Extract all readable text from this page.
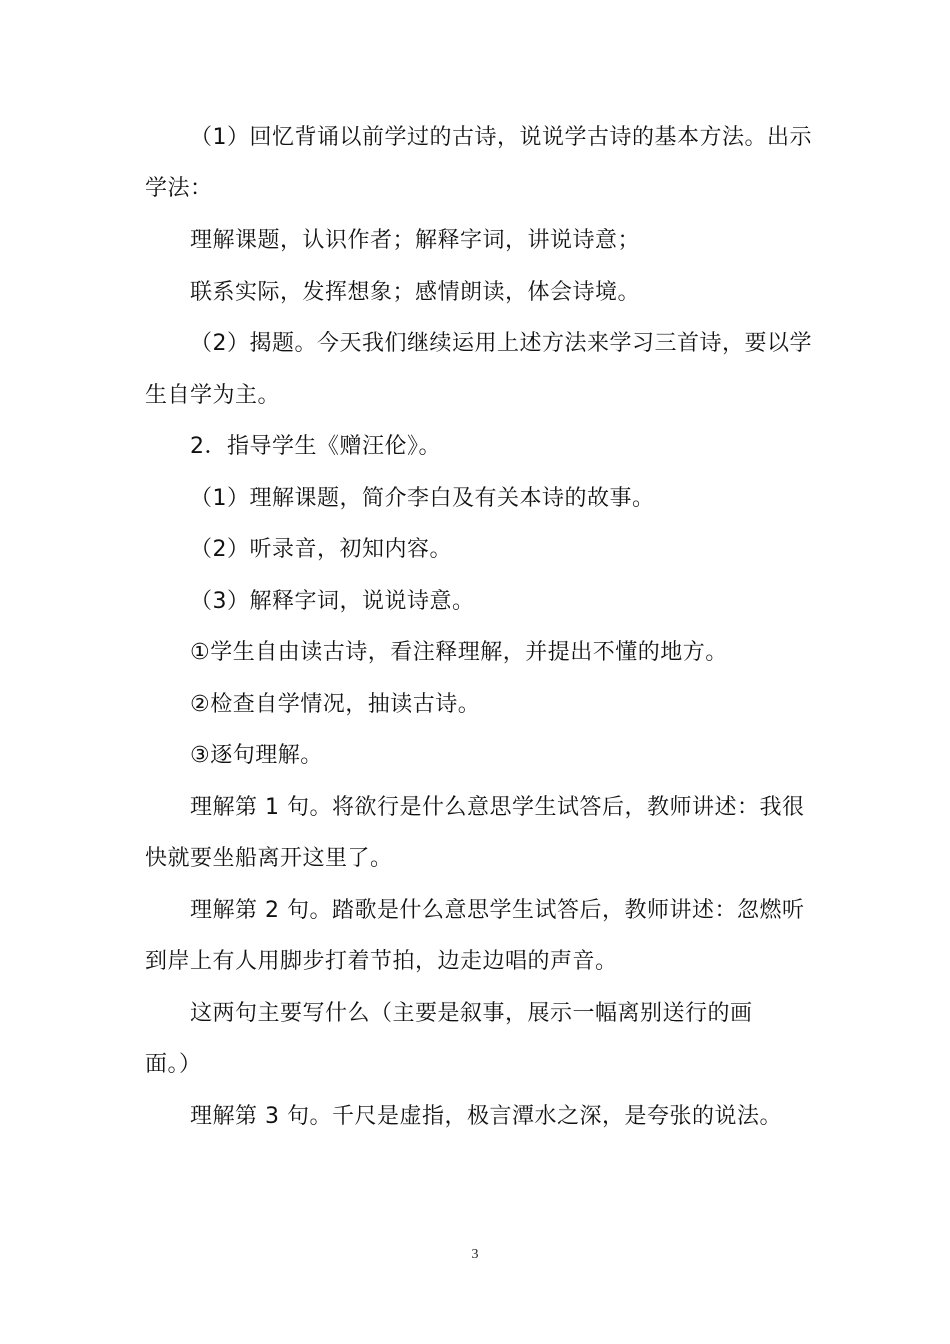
（1）回忆背诵以前学过的古诗，说说学古诗的基本方法。出示
学法：
理解课题，认识作者；解释字词，讲说诗意；
联系实际，发挥想象；感情朗读，体会诗境。
（2）揭题。今天我们继续运用上述方法来学习三首诗，要以学
生自学为主。
2．指导学生《赠汪伦》。
（1）理解课题，简介李白及有关本诗的故事。
（2）听录音，初知内容。
（3）解释字词，说说诗意。
①学生自由读古诗，看注释理解，并提出不懂的地方。
②检查自学情况，抽读古诗。
③逐句理解。
理解第 1 句。将欲行是什么意思学生试答后，教师讲述：我很
快就要坐船离开这里了。
理解第 2 句。踏歌是什么意思学生试答后，教师讲述：忽燃听
到岸上有人用脚步打着节拍，边走边唱的声音。
这两句主要写什么（主要是叙事，展示一幅离别送行的画
面。）
理解第 3 句。千尺是虚指，极言潭水之深，是夸张的说法。
3
